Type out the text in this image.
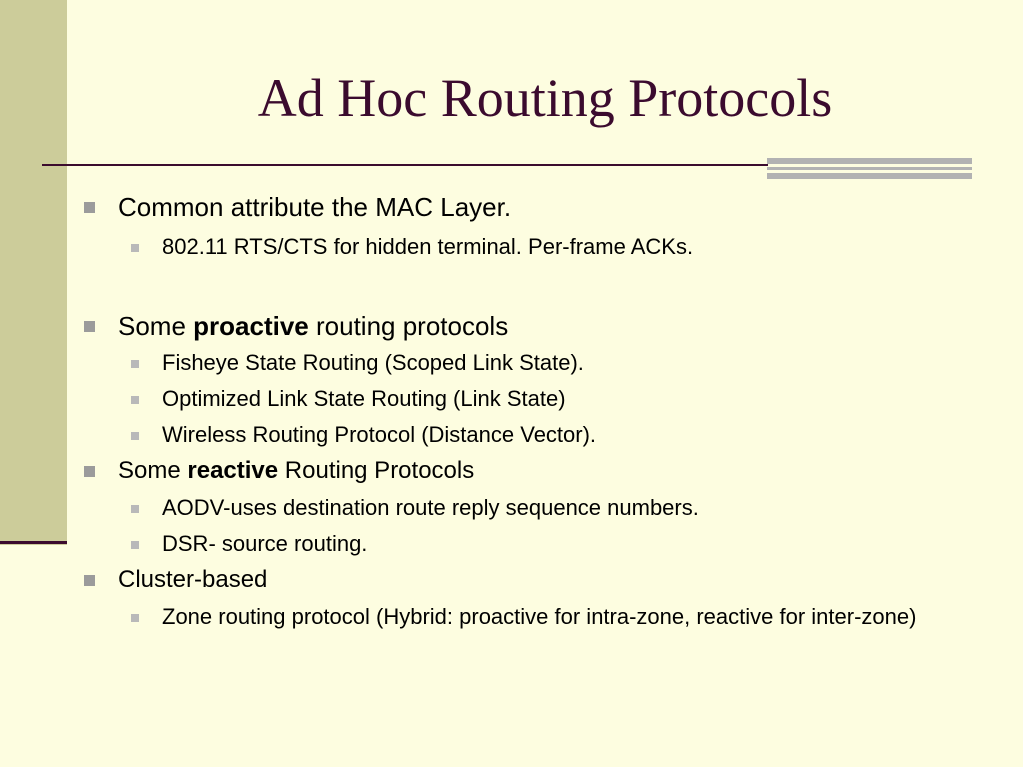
Ad Hoc Routing Protocols
Common attribute the MAC Layer.
802.11 RTS/CTS for hidden terminal. Per-frame ACKs.
Some proactive routing protocols
Fisheye State Routing (Scoped Link State).
Optimized Link State Routing (Link State)
Wireless Routing Protocol (Distance Vector).
Some reactive Routing Protocols
AODV-uses destination route reply sequence numbers.
DSR- source routing.
Cluster-based
Zone routing protocol (Hybrid: proactive for intra-zone, reactive for inter-zone)
